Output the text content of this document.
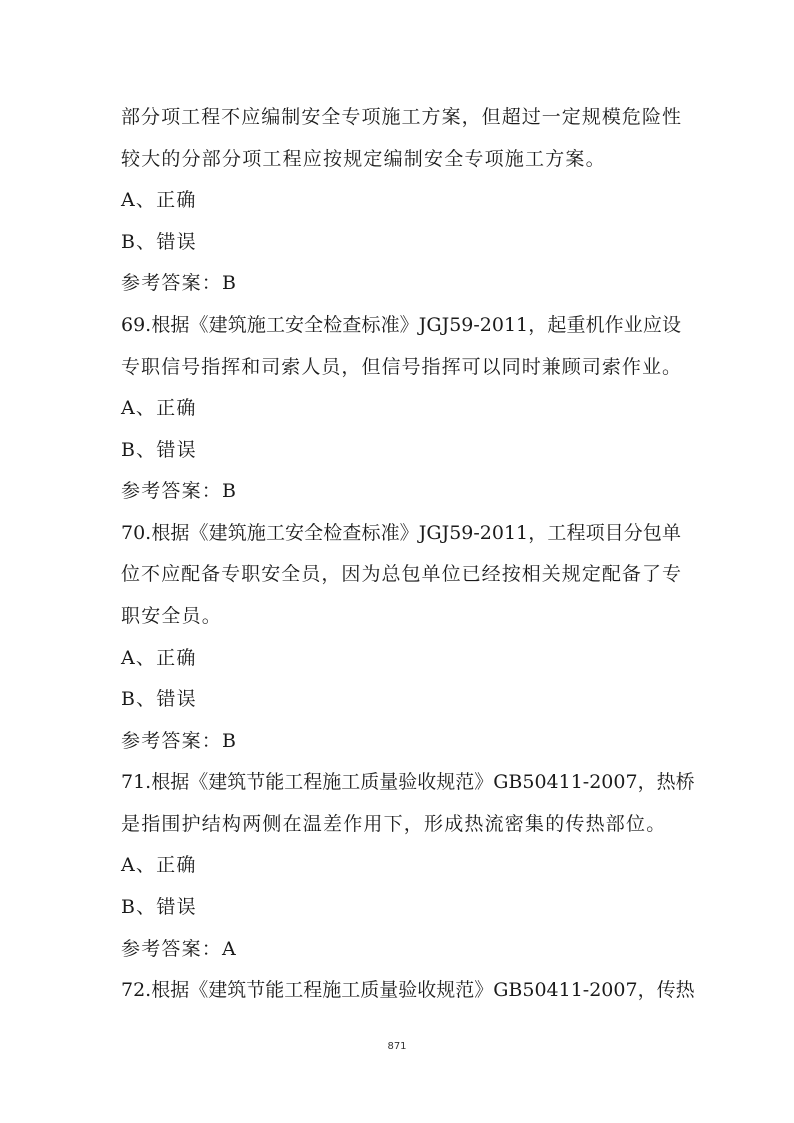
部分项工程不应编制安全专项施工方案，但超过一定规模危险性
较大的分部分项工程应按规定编制安全专项施工方案。
A、正确
B、错误
参考答案：B
69.根据《建筑施工安全检查标准》JGJ59-2011，起重机作业应设
专职信号指挥和司索人员，但信号指挥可以同时兼顾司索作业。
A、正确
B、错误
参考答案：B
70.根据《建筑施工安全检查标准》JGJ59-2011，工程项目分包单
位不应配备专职安全员，因为总包单位已经按相关规定配备了专
职安全员。
A、正确
B、错误
参考答案：B
71.根据《建筑节能工程施工质量验收规范》GB50411-2007，热桥
是指围护结构两侧在温差作用下，形成热流密集的传热部位。
A、正确
B、错误
参考答案：A
72.根据《建筑节能工程施工质量验收规范》GB50411-2007，传热
871
